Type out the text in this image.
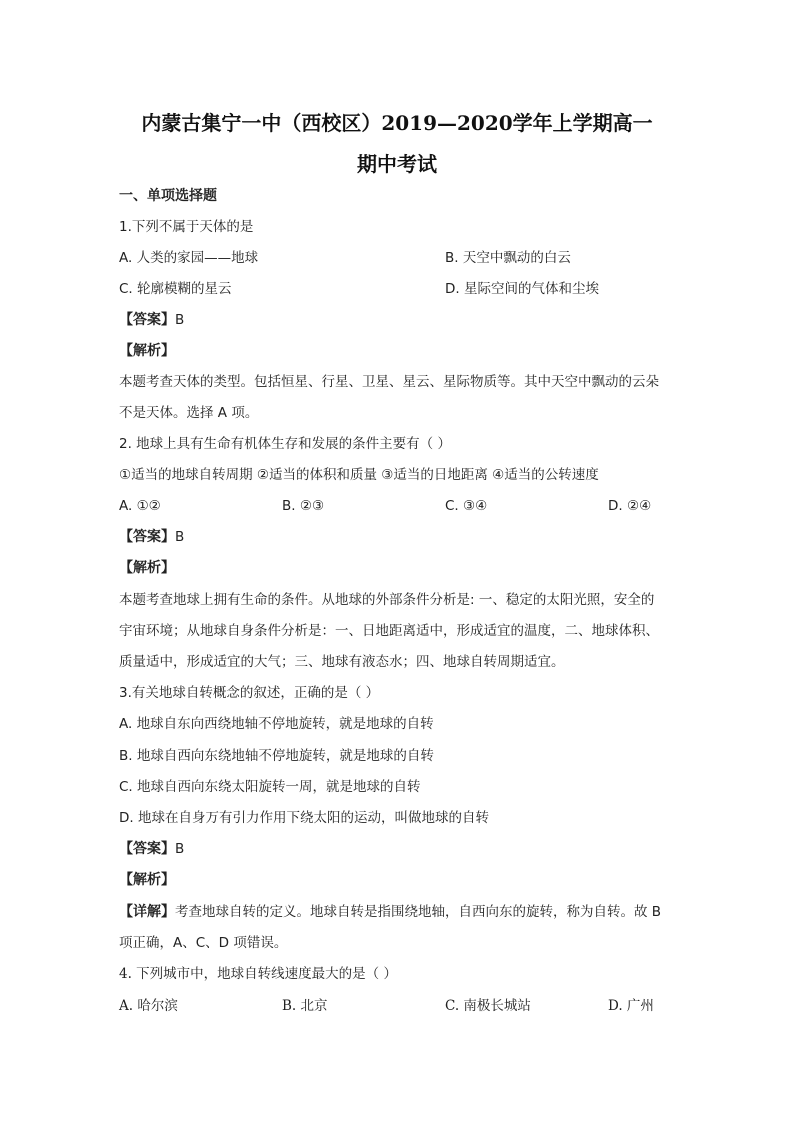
内蒙古集宁一中（西校区）2019—2020学年上学期高一
期中考试
一、单项选择题
1.下列不属于天体的是
A. 人类的家园——地球	B. 天空中飘动的白云
C. 轮廓模糊的星云	D. 星际空间的气体和尘埃
【答案】B
【解析】
本题考查天体的类型。包括恒星、行星、卫星、星云、星际物质等。其中天空中飘动的云朵
不是天体。选择 A 项。
2. 地球上具有生命有机体生存和发展的条件主要有（ ）
①适当的地球自转周期 ②适当的体积和质量 ③适当的日地距离 ④适当的公转速度
A. ①②	B. ②③	C. ③④	D. ②④
【答案】B
【解析】
本题考查地球上拥有生命的条件。从地球的外部条件分析是: 一、稳定的太阳光照，安全的
宇宙环境；从地球自身条件分析是：一、日地距离适中，形成适宜的温度，二、地球体积、
质量适中，形成适宜的大气；三、地球有液态水；四、地球自转周期适宜。
3.有关地球自转概念的叙述，正确的是（ ）
A. 地球自东向西绕地轴不停地旋转，就是地球的自转
B. 地球自西向东绕地轴不停地旋转，就是地球的自转
C. 地球自西向东绕太阳旋转一周，就是地球的自转
D. 地球在自身万有引力作用下绕太阳的运动，叫做地球的自转
【答案】B
【解析】
【详解】考查地球自转的定义。地球自转是指围绕地轴，自西向东的旋转，称为自转。故 B
项正确，A、C、D 项错误。
4. 下列城市中，地球自转线速度最大的是（ ）
A. 哈尔滨	B. 北京	C. 南极长城站	D. 广州
